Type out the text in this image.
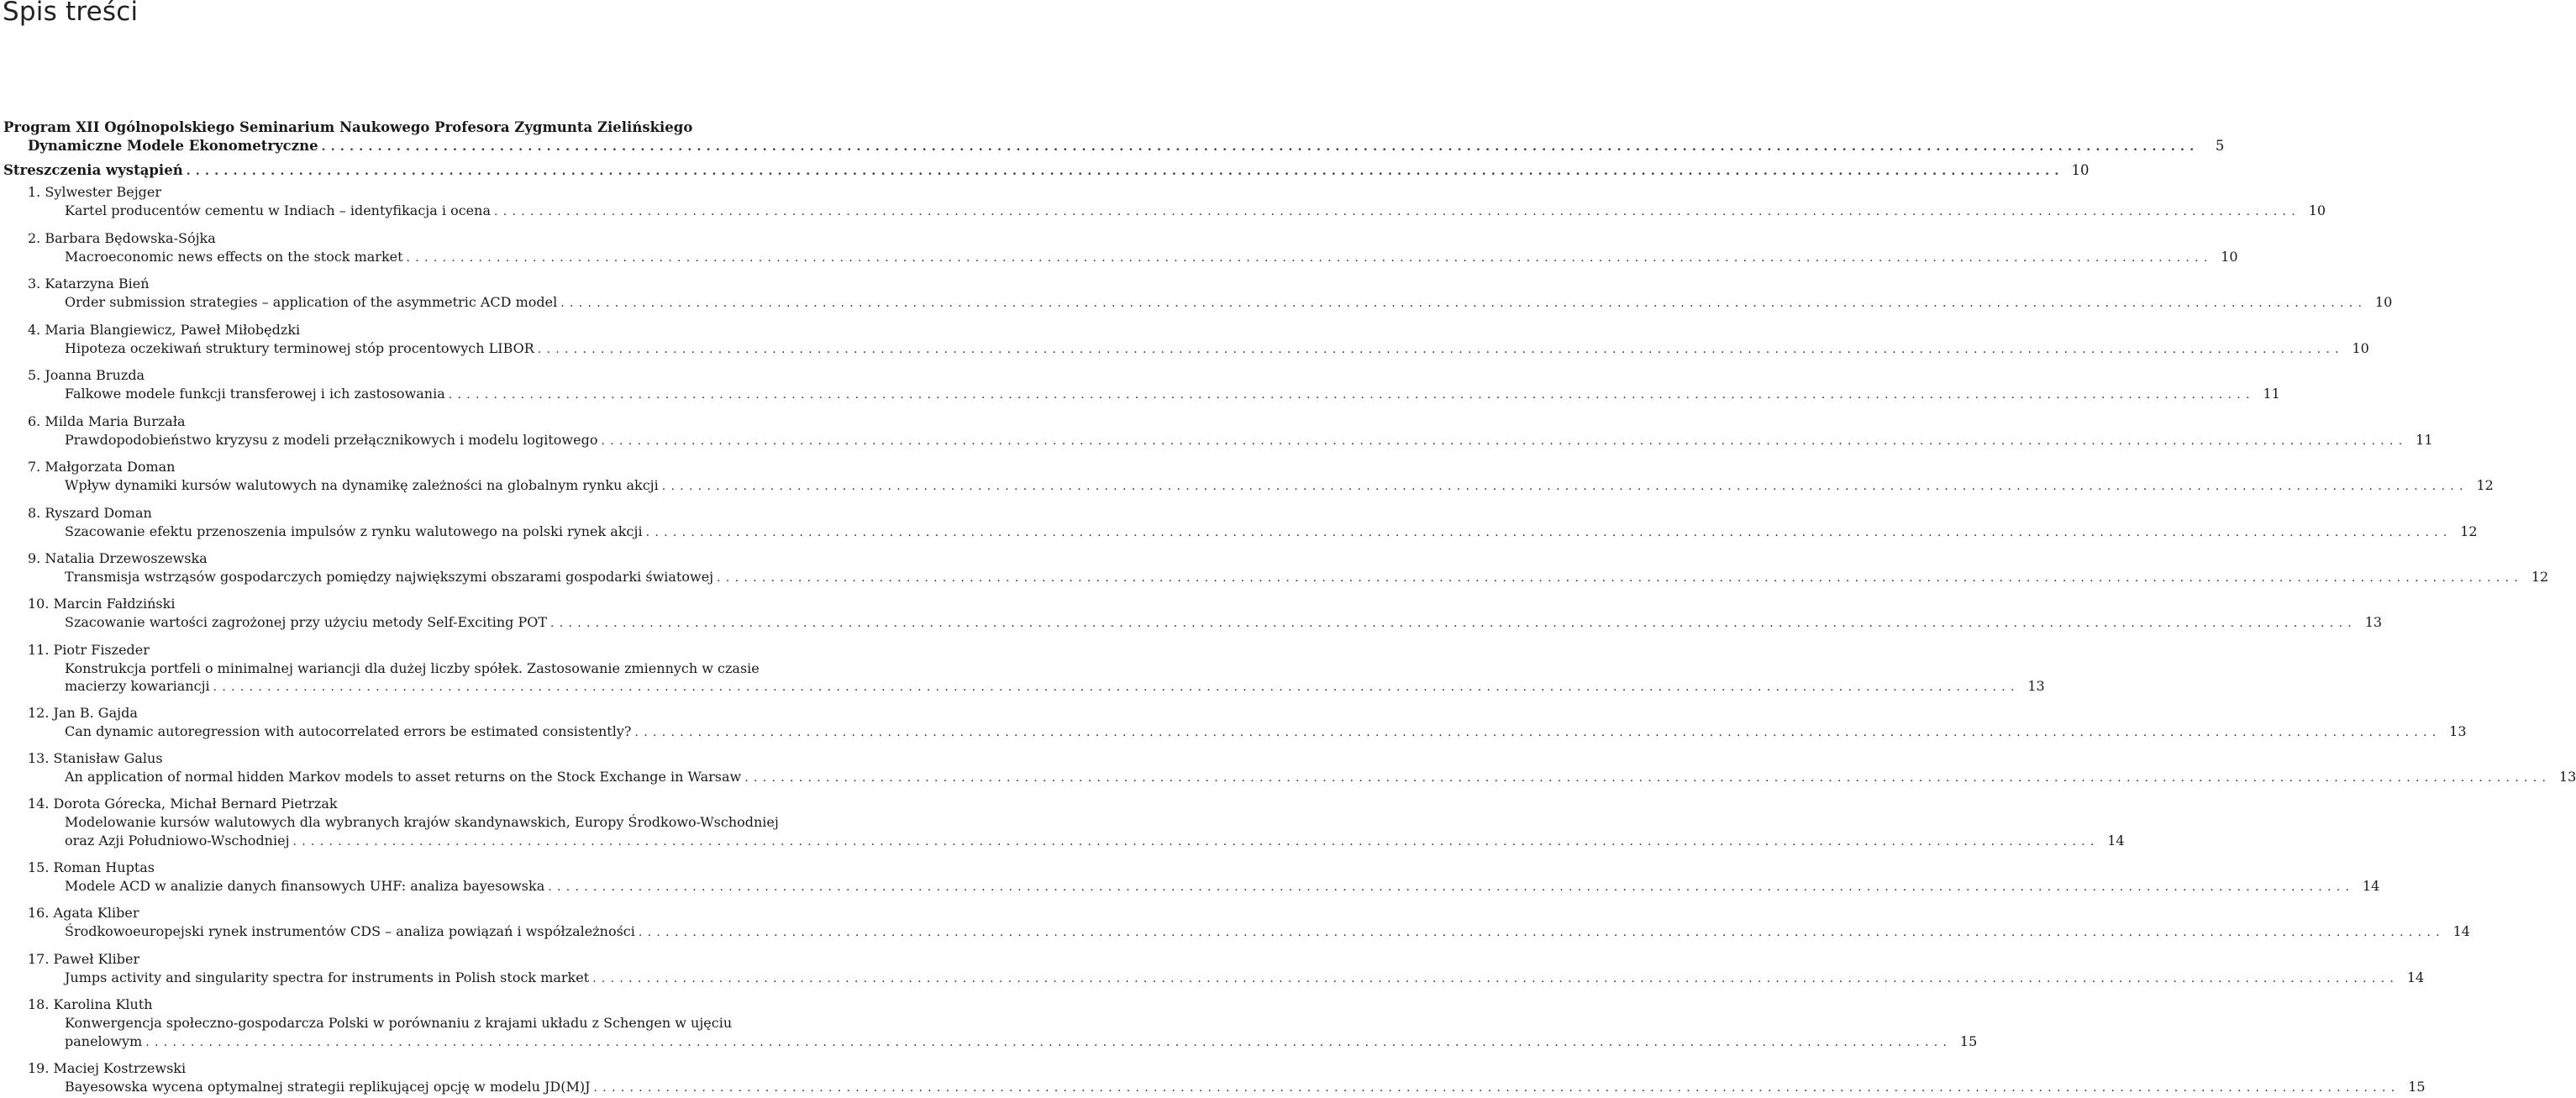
Spis treści
Program XII Ogólnopolskiego Seminarium Naukowego Profesora Zygmunta Zielińskiego
Dynamiczne Modele Ekonometryczne ........................................................................................................................................................................................................	5
Streszczenia wystąpień ........................................................................................................................................................................................................ 10
1. Sylwester Bejger
Kartel producentów cementu w Indiach – identyfikacja i ocena ........................................................................................................................................................................................................ 10
2. Barbara Będowska-Sójka
Macroeconomic news effects on the stock market ........................................................................................................................................................................................................ 10
3. Katarzyna Bień
Order submission strategies – application of the asymmetric ACD model ........................................................................................................................................................................................................ 10
4. Maria Blangiewicz, Paweł Miłobędzki
Hipoteza oczekiwań struktury terminowej stóp procentowych LIBOR ........................................................................................................................................................................................................ 10
5. Joanna Bruzda
Falkowe modele funkcji transferowej i ich zastosowania ........................................................................................................................................................................................................ 11
6. Milda Maria Burzała
Prawdopodobieństwo kryzysu z modeli przełącznikowych i modelu logitowego ........................................................................................................................................................................................................ 11
7. Małgorzata Doman
Wpływ dynamiki kursów walutowych na dynamikę zależności na globalnym rynku akcji ........................................................................................................................................................................................................ 12
8. Ryszard Doman
Szacowanie efektu przenoszenia impulsów z rynku walutowego na polski rynek akcji ........................................................................................................................................................................................................ 12
9. Natalia Drzewoszewska
Transmisja wstrząsów gospodarczych pomiędzy największymi obszarami gospodarki światowej ........................................................................................................................................................................................................ 12
10. Marcin Fałdziński
Szacowanie wartości zagrożonej przy użyciu metody Self-Exciting POT ........................................................................................................................................................................................................ 13
11. Piotr Fiszeder
Konstrukcja portfeli o minimalnej wariancji dla dużej liczby spółek. Zastosowanie zmiennych w czasie
macierzy kowariancji ........................................................................................................................................................................................................ 13
12. Jan B. Gajda
Can dynamic autoregression with autocorrelated errors be estimated consistently? ........................................................................................................................................................................................................ 13
13. Stanisław Galus
An application of normal hidden Markov models to asset returns on the Stock Exchange in Warsaw ........................................................................................................................................................................................................ 13
14. Dorota Górecka, Michał Bernard Pietrzak
Modelowanie kursów walutowych dla wybranych krajów skandynawskich, Europy Środkowo-Wschodniej
oraz Azji Południowo-Wschodniej ........................................................................................................................................................................................................ 14
15. Roman Huptas
Modele ACD w analizie danych finansowych UHF: analiza bayesowska ........................................................................................................................................................................................................ 14
16. Agata Kliber
Środkowoeuropejski rynek instrumentów CDS – analiza powiązań i współzależności ........................................................................................................................................................................................................ 14
17. Paweł Kliber
Jumps activity and singularity spectra for instruments in Polish stock market ........................................................................................................................................................................................................ 14
18. Karolina Kluth
Konwergencja społeczno-gospodarcza Polski w porównaniu z krajami układu z Schengen w ujęciu
panelowym ........................................................................................................................................................................................................ 15
19. Maciej Kostrzewski
Bayesowska wycena optymalnej strategii replikującej opcję w modelu JD(M)J ........................................................................................................................................................................................................ 15
